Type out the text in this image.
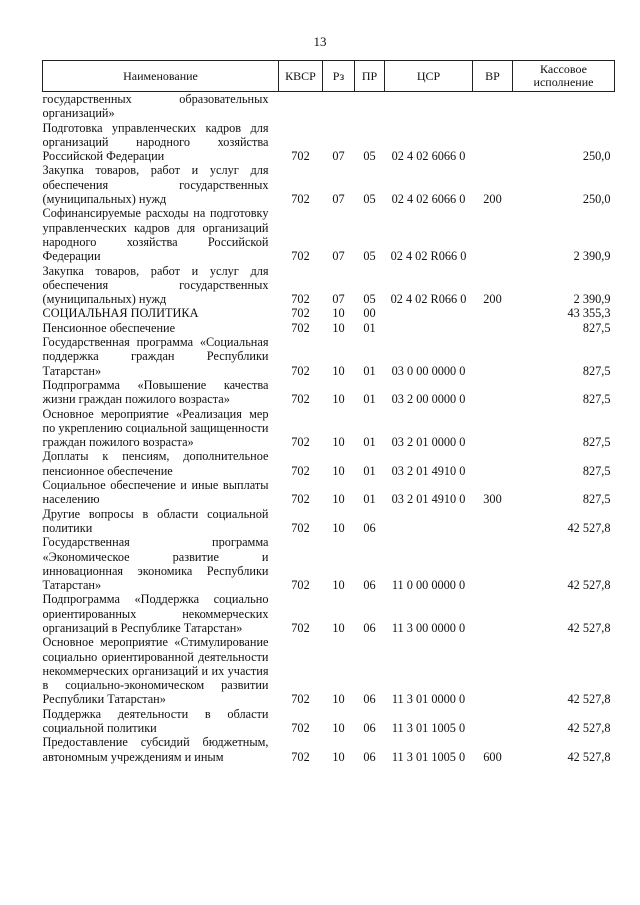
13
Наименование	КВСР	Рз	ПР	ЦСР	ВР	Кассовое исполнение

государственных образовательных организаций»						

Подготовка управленческих кадров для организаций народного хозяйства Российской Федерации	702	07	05	02 4 02 6066 0		250,0

Закупка товаров, работ и услуг для обеспечения государственных (муниципальных) нужд	702	07	05	02 4 02 6066 0	200	250,0

Софинансируемые расходы на подготовку управленческих кадров для организаций народного хозяйства Российской Федерации	702	07	05	02 4 02 R066 0		2 390,9

Закупка товаров, работ и услуг для обеспечения государственных (муниципальных) нужд	702	07	05	02 4 02 R066 0	200	2 390,9

СОЦИАЛЬНАЯ ПОЛИТИКА	702	10	00			43 355,3

Пенсионное обеспечение	702	10	01			827,5

Государственная программа «Социальная поддержка граждан Республики Татарстан»	702	10	01	03 0 00 0000 0		827,5

Подпрограмма «Повышение качества жизни граждан пожилого возраста»	702	10	01	03 2 00 0000 0		827,5

Основное мероприятие «Реализация мер по укреплению социальной защищенности граждан пожилого возраста»	702	10	01	03 2 01 0000 0		827,5

Доплаты к пенсиям, дополнительное пенсионное обеспечение	702	10	01	03 2 01 4910 0		827,5

Социальное обеспечение и иные выплаты населению	702	10	01	03 2 01 4910 0	300	827,5

Другие вопросы в области социальной политики	702	10	06			42 527,8

Государственная программа «Экономическое развитие и инновационная экономика Республики Татарстан»	702	10	06	11 0 00 0000 0		42 527,8

Подпрограмма «Поддержка социально ориентированных некоммерческих организаций в Республике Татарстан»	702	10	06	11 3 00 0000 0		42 527,8

Основное мероприятие «Стимулирование социально ориентированной деятельности некоммерческих организаций и их участия в социально-экономическом развитии Республики Татарстан»	702	10	06	11 3 01 0000 0		42 527,8

Поддержка деятельности в области социальной политики	702	10	06	11 3 01 1005 0		42 527,8

Предоставление субсидий бюджетным, автономным учреждениям и иным	702	10	06	11 3 01 1005 0	600	42 527,8
